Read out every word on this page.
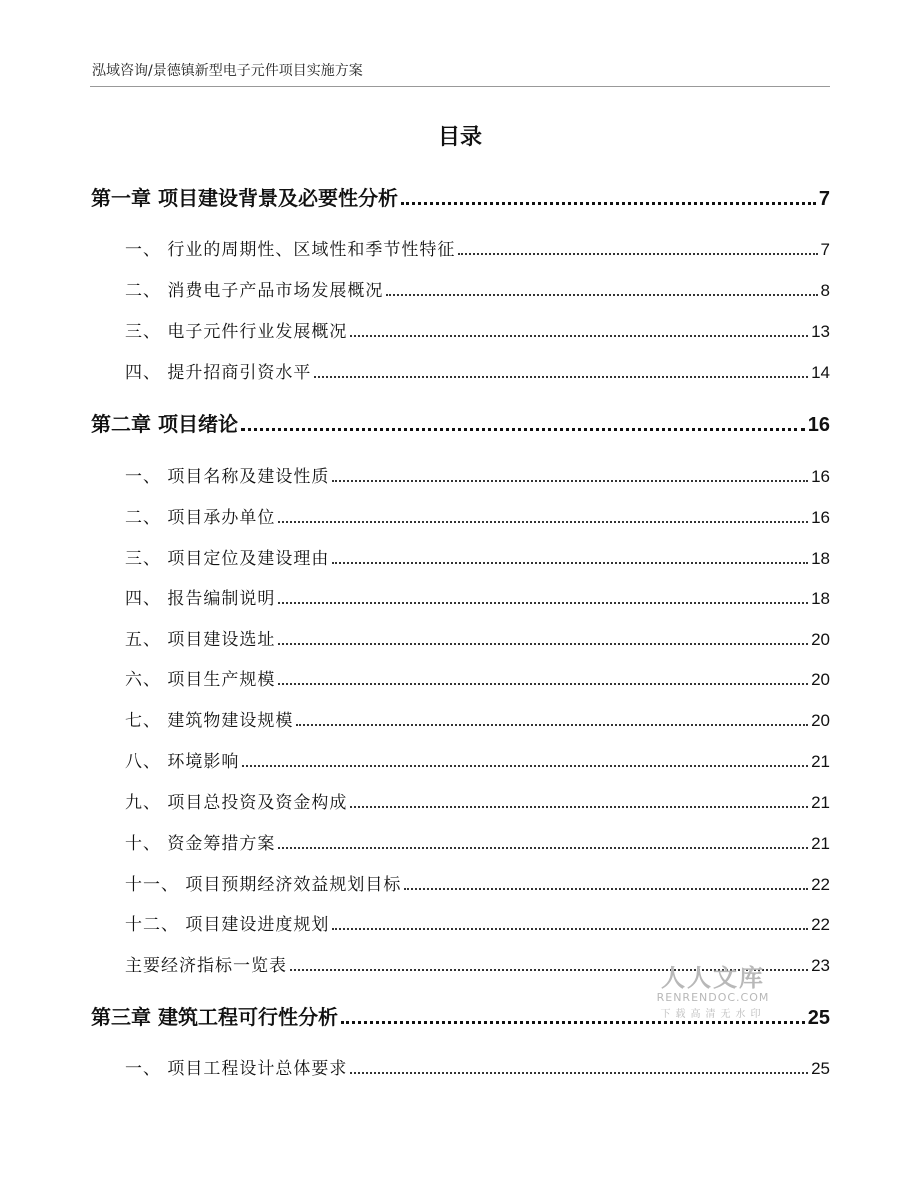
泓域咨询/景德镇新型电子元件项目实施方案
目录
第一章 项目建设背景及必要性分析	7
一、 行业的周期性、区域性和季节性特征	7
二、 消费电子产品市场发展概况	8
三、 电子元件行业发展概况	13
四、 提升招商引资水平	14
第二章 项目绪论	16
一、 项目名称及建设性质	16
二、 项目承办单位	16
三、 项目定位及建设理由	18
四、 报告编制说明	18
五、 项目建设选址	20
六、 项目生产规模	20
七、 建筑物建设规模	20
八、 环境影响	21
九、 项目总投资及资金构成	21
十、 资金筹措方案	21
十一、 项目预期经济效益规划目标	22
十二、 项目建设进度规划	22
主要经济指标一览表	23
第三章 建筑工程可行性分析	25
一、 项目工程设计总体要求	25
人人文库
RENRENDOC.COM
下载高清无水印
